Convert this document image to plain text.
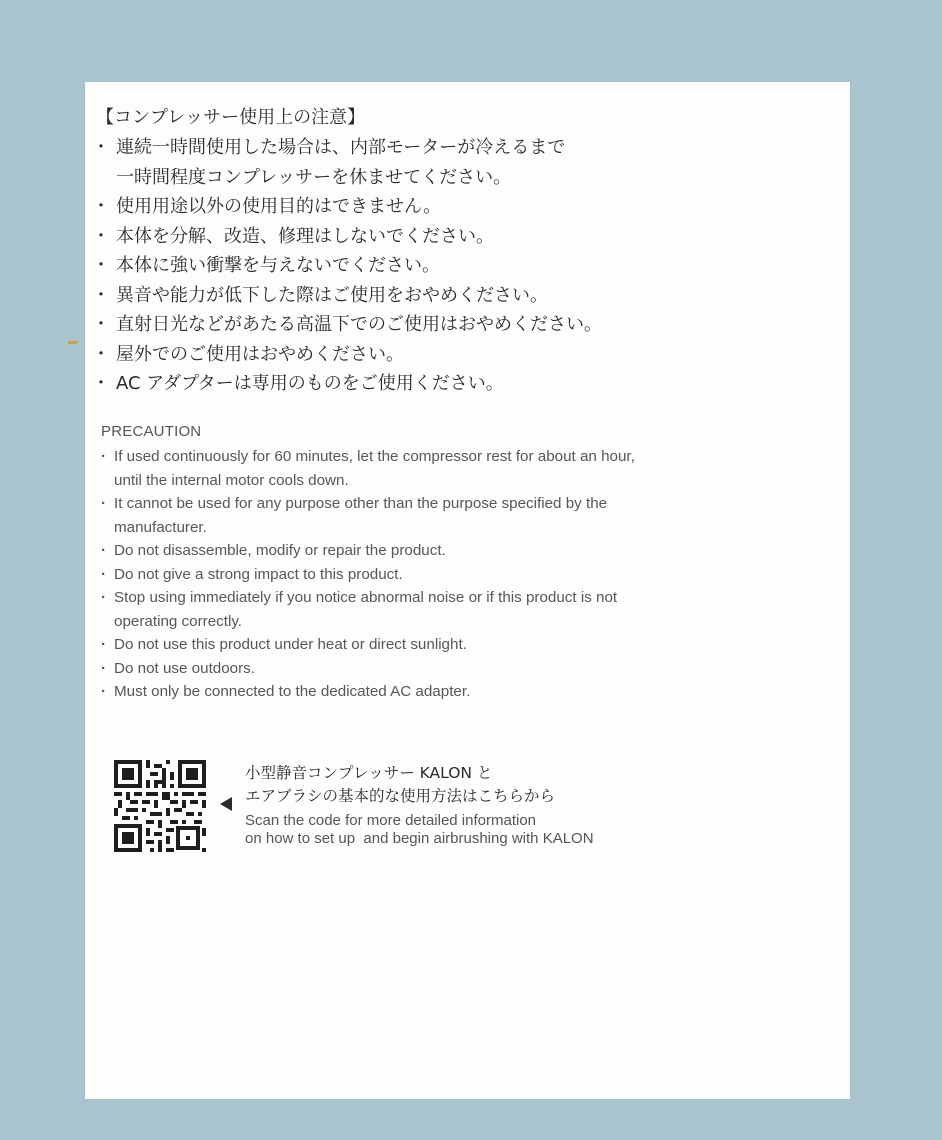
【コンプレッサー使用上の注意】
・ 連続一時間使用した場合は、内部モーターが冷えるまで
一時間程度コンプレッサーを休ませてください。
・ 使用用途以外の使用目的はできません。
・ 本体を分解、改造、修理はしないでください。
・ 本体に強い衝撃を与えないでください。
・ 異音や能力が低下した際はご使用をおやめください。
・ 直射日光などがあたる高温下でのご使用はおやめください。
・ 屋外でのご使用はおやめください。
・ AC アダプターは専用のものをご使用ください。
PRECAUTION
· If used continuously for 60 minutes, let the compressor rest for about an hour, until the internal motor cools down.
· It cannot be used for any purpose other than the purpose specified by the manufacturer.
· Do not disassemble, modify or repair the product.
· Do not give a strong impact to this product.
· Stop using immediately if you notice abnormal noise or if this product is not operating correctly.
· Do not use this product under heat or direct sunlight.
· Do not use outdoors.
· Must only be connected to the dedicated AC adapter.
小型静音コンプレッサー KALON と
エアブラシの基本的な使用方法はこちらから
Scan the code for more detailed information
on how to set up  and begin airbrushing with KALON
